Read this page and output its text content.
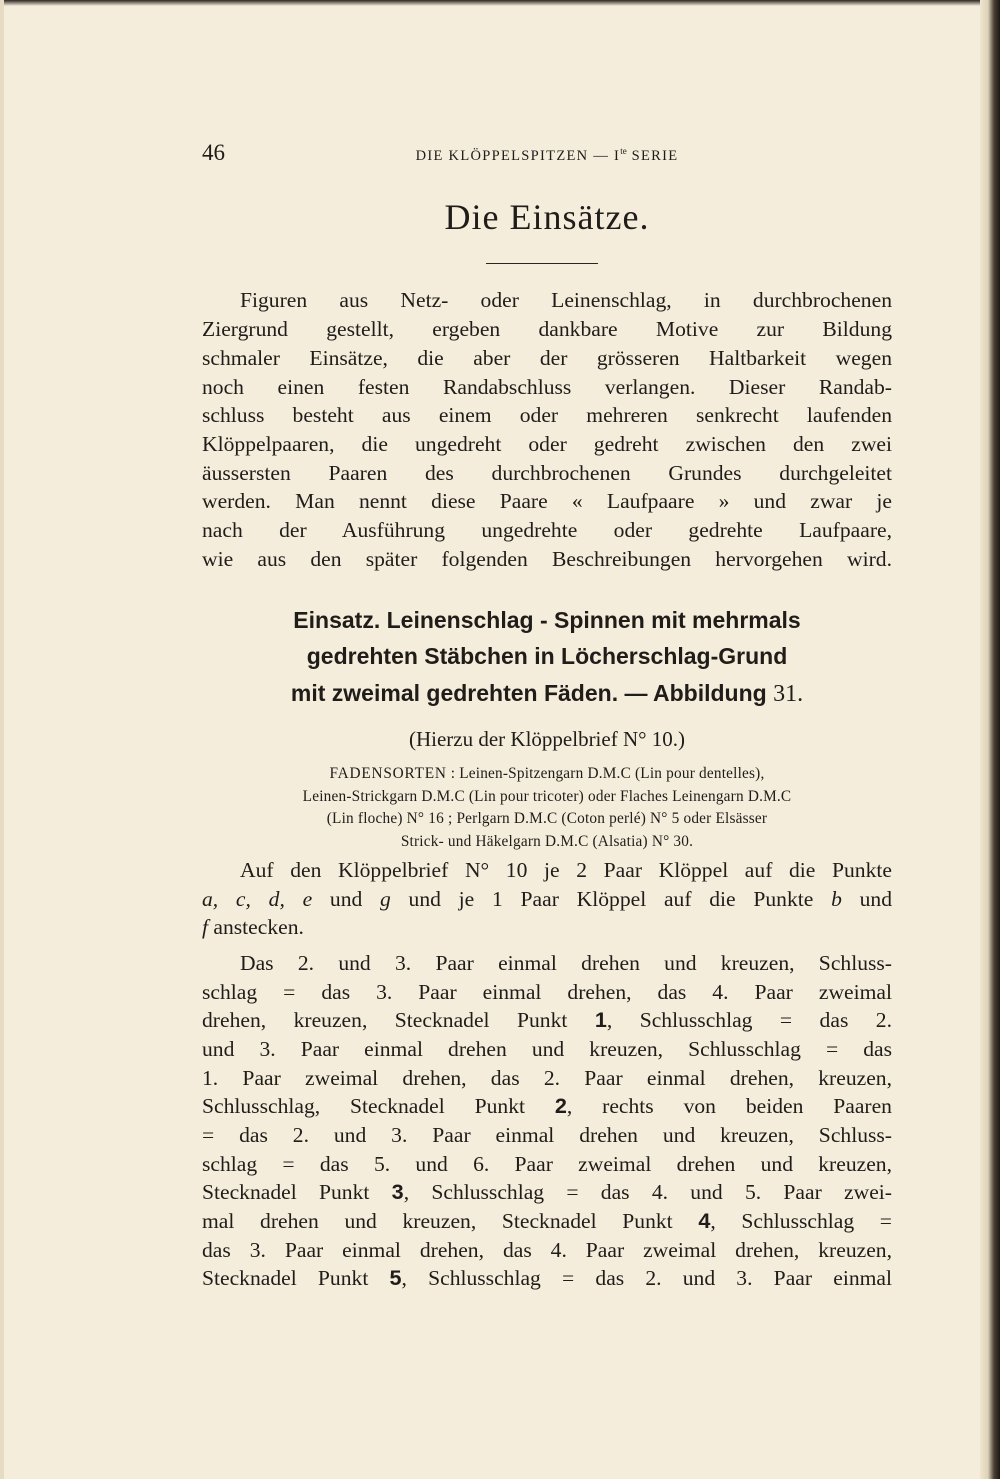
46	DIE KLÖPPELSPITZEN — $I^{te}$ SERIE
Die Einsätze.

Figuren aus Netz- oder Leinenschlag, in durchbrochenen

Ziergrund gestellt, ergeben dankbare Motive zur Bildung

schmaler Einsätze, die aber der grösseren Haltbarkeit wegen

noch einen festen Randabschluss verlangen. Dieser Randab-

schluss besteht aus einem oder mehreren senkrecht laufenden

Klöppelpaaren, die ungedreht oder gedreht zwischen den zwei

äussersten Paaren des durchbrochenen Grundes durchgeleitet

werden. Man nennt diese Paare « Laufpaare » und zwar je

nach der Ausführung ungedrehte oder gedrehte Laufpaare,

wie aus den später folgenden Beschreibungen hervorgehen wird.

Einsatz. Leinenschlag - Spinnen mit mehrmals

gedrehten Stäbchen in Löcherschlag-Grund

mit zweimal gedrehten Fäden. — Abbildung 31.

(Hierzu der Klöppelbrief N° 10.)
FADENSORTEN : Leinen-Spitzengarn D.M.C (Lin pour dentelles),
Leinen-Strickgarn D.M.C (Lin pour tricoter) oder Flaches Leinengarn D.M.C
(Lin floche) N° 16 ; Perlgarn D.M.C (Coton perlé) N° 5 oder Elsässer
Strick- und Häkelgarn D.M.C (Alsatia) N° 30.

Auf den Klöppelbrief N° 10 je 2 Paar Klöppel auf die Punkte

a, c, d, e und g und je 1 Paar Klöppel auf die Punkte b und

f anstecken.

Das 2. und 3. Paar einmal drehen und kreuzen, Schluss-

schlag = das 3. Paar einmal drehen, das 4. Paar zweimal

drehen, kreuzen, Stecknadel Punkt 1, Schlusschlag = das 2.

und 3. Paar einmal drehen und kreuzen, Schlusschlag = das

1. Paar zweimal drehen, das 2. Paar einmal drehen, kreuzen,

Schlusschlag, Stecknadel Punkt 2, rechts von beiden Paaren

= das 2. und 3. Paar einmal drehen und kreuzen, Schluss-

schlag = das 5. und 6. Paar zweimal drehen und kreuzen,

Stecknadel Punkt 3, Schlusschlag = das 4. und 5. Paar zwei-

mal drehen und kreuzen, Stecknadel Punkt 4, Schlusschlag =

das 3. Paar einmal drehen, das 4. Paar zweimal drehen, kreuzen,

Stecknadel Punkt 5, Schlusschlag = das 2. und 3. Paar einmal
